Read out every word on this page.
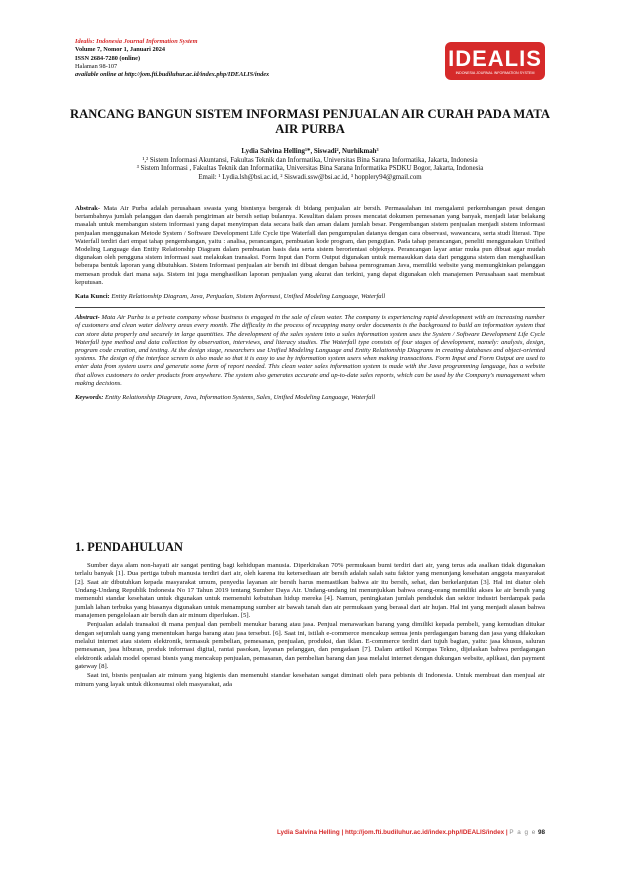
Idealis: Indonesia Journal Information System
Volume 7, Nomor 1, Januari 2024
ISSN 2684-7280 (online)
Halaman 98-107
available online at http://jom.fti.budiluhur.ac.id/index.php/IDEALIS/index
IDEALIS
INDONESIA JOURNAL INFORMATION SYSTEM
RANCANG BANGUN SISTEM INFORMASI PENJUALAN AIR CURAH PADA MATA AIR PURBA
Lydia Salvina Helling¹*, Siswadi², Nurhikmah³
¹,² Sistem Informasi Akuntansi, Fakultas Teknik dan Informatika, Universitas Bina Sarana Informatika, Jakarta, Indonesia
³ Sistem Informasi , Fakultas Teknik dan Informatika, Universitas Bina Sarana Informatika PSDKU Bogor, Jakarta, Indonesia
Email: ¹ Lydia.lsh@bsi.ac.id, ² Siswadi.ssw@bsi.ac.id, ³ hopplery94@gmail.com

Abstrak- Mata Air Purba adalah perusahaan swasta yang bisnisnya bergerak di bidang penjualan air bersih. Permasalahan ini mengalami perkembangan pesat dengan bertambahnya jumlah pelanggan dan daerah pengiriman air bersih setiap bulannya. Kesulitan dalam proses mencatat dokumen pemesanan yang banyak, menjadi latar belakang masalah untuk membangun sistem informasi yang dapat menyimpan data secara baik dan aman dalam jumlah besar. Pengembangan sistem penjualan menjadi sistem informasi penjualan menggunakan Metode System / Software Development Life Cycle tipe Waterfall dan pengumpulan datanya dengan cara observasi, wawancara, serta studi literasi. Tipe Waterfall terdiri dari empat tahap pengembangan, yaitu : analisa, perancangan, pembuatan kode program, dan pengujian. Pada tahap perancangan, peneliti menggunakan Unified Modeling Language dan Entity Relationship Diagram dalam pembuatan basis data serta sistem berorientasi objeknya. Perancangan layar antar muka pun dibuat agar mudah digunakan oleh pengguna sistem informasi saat melakukan transaksi. Form Input dan Form Output digunakan untuk memasukkan data dari pengguna sistem dan menghasilkan beberapa bentuk laporan yang dibutuhkan. Sistem Informasi penjualan air bersih ini dibuat dengan bahasa pemrograman Java, memiliki website yang memungkinkan pelanggan memesan produk dari mana saja. Sistem ini juga menghasilkan laporan penjualan yang akurat dan terkini, yang dapat digunakan oleh manajemen Perusahaan saat membuat keputusan.

Kata Kunci: Entity Relationship Diagram, Java, Penjualan, Sistem Informasi, Unified Modeling Language, Waterfall

Abstract- Mata Air Purba is a private company whose business is engaged in the sale of clean water. The company is experiencing rapid development with an increasing number of customers and clean water delivery areas every month. The difficulty in the process of recapping many order documents is the background to build an information system that can store data properly and securely in large quantities. The development of the sales system into a sales information system uses the System / Software Development Life Cycle Waterfall type method and data collection by observation, interviews, and literacy studies. The Waterfall type consists of four stages of development, namely: analysis, design, program code creation, and testing. At the design stage, researchers use Unified Modeling Language and Entity Relationship Diagrams in creating databases and object-oriented systems. The design of the interface screen is also made so that it is easy to use by information system users when making transactions. Form Input and Form Output are used to enter data from system users and generate some form of report needed. This clean water sales information system is made with the Java programming language, has a website that allows customers to order products from anywhere. The system also generates accurate and up-to-date sales reports, which can be used by the Company's management when making decisions.

Keywords: Entity Relationship Diagram, Java, Information Systems, Sales, Unified Modeling Language, Waterfall

1. PENDAHULUAN

Sumber daya alam non-hayati air sangat penting bagi kehidupan manusia. Diperkirakan 70% permukaan bumi terdiri dari air, yang terus ada asalkan tidak digunakan terlalu banyak [1]. Dua pertiga tubuh manusia terdiri dari air, oleh karena itu ketersediaan air bersih adalah salah satu faktor yang menunjang kesehatan anggota masyarakat [2]. Saat air dibutuhkan kepada masyarakat umum, penyedia layanan air bersih harus memastikan bahwa air itu bersih, sehat, dan berkelanjutan [3]. Hal ini diatur oleh Undang-Undang Republik Indonesia No 17 Tahun 2019 tentang Sumber Daya Air. Undang-undang ini menunjukkan bahwa orang-orang memiliki akses ke air bersih yang memenuhi standar kesehatan untuk digunakan untuk memenuhi kebutuhan hidup mereka [4]. Namun, peningkatan jumlah penduduk dan sektor industri berdampak pada jumlah lahan terbuka yang biasanya digunakan untuk menampung sumber air bawah tanah dan air permukaan yang berasal dari air hujan. Hal ini yang menjadi alasan bahwa manajemen pengelolaan air bersih dan air minum diperlukan. [5].

Penjualan adalah transaksi di mana penjual dan pembeli menukar barang atau jasa. Penjual menawarkan barang yang dimiliki kepada pembeli, yang kemudian ditukar dengan sejumlah uang yang menentukan harga barang atau jasa tersebut. [6]. Saat ini, istilah e-commerce mencakup semua jenis perdagangan barang dan jasa yang dilakukan melalui internet atau sistem elektronik, termasuk pembelian, pemesanan, penjualan, produksi, dan iklan. E-commerce terdiri dari tujuh bagian, yaitu: jasa khusus, saluran pemesanan, jasa hiburan, produk informasi digital, rantai pasokan, layanan pelanggan, dan pengadaan [7]. Dalam artikel Kompas Tekno, dijelaskan bahwa perdagangan elektronik adalah model operasi bisnis yang mencakup penjualan, pemasaran, dan pembelian barang dan jasa melalui internet dengan dukungan website, aplikasi, dan payment gateway [8].

Saat ini, bisnis penjualan air minum yang higienis dan memenuhi standar kesehatan sangat diminati oleh para pebisnis di Indonesia. Untuk membuat dan menjual air minum yang layak untuk dikonsumsi oleh masyarakat, ada

Lydia Salvina Helling | http://jom.fti.budiluhur.ac.id/index.php/IDEALIS/index | P a g e 98
